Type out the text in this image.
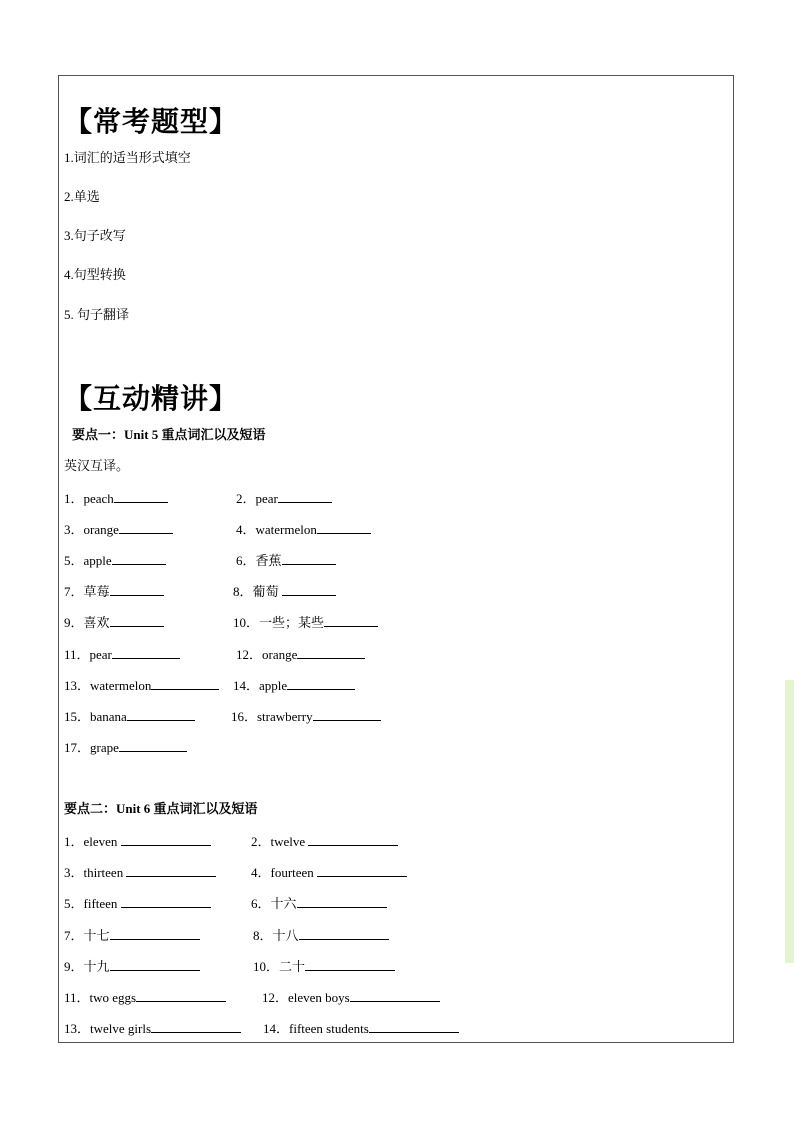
【常考题型】
1.词汇的适当形式填空
2.单选
3.句子改写
4.句型转换
5. 句子翻译
【互动精讲】
要点一：Unit 5 重点词汇以及短语
英汉互译。
1．peach	2．pear
3．orange	4．watermelon
5．apple	6．香蕉
7．草莓	8．葡萄
9．喜欢	10．一些；某些
11．pear	12．orange
13．watermelon	14．apple
15．banana	16．strawberry
17．grape
要点二：Unit 6 重点词汇以及短语
1．eleven	2．twelve
3．thirteen	4．fourteen
5．fifteen	6．十六
7．十七	8．十八
9．十九	10．二十
11．two eggs	12．eleven boys
13．twelve girls	14．fifteen students
